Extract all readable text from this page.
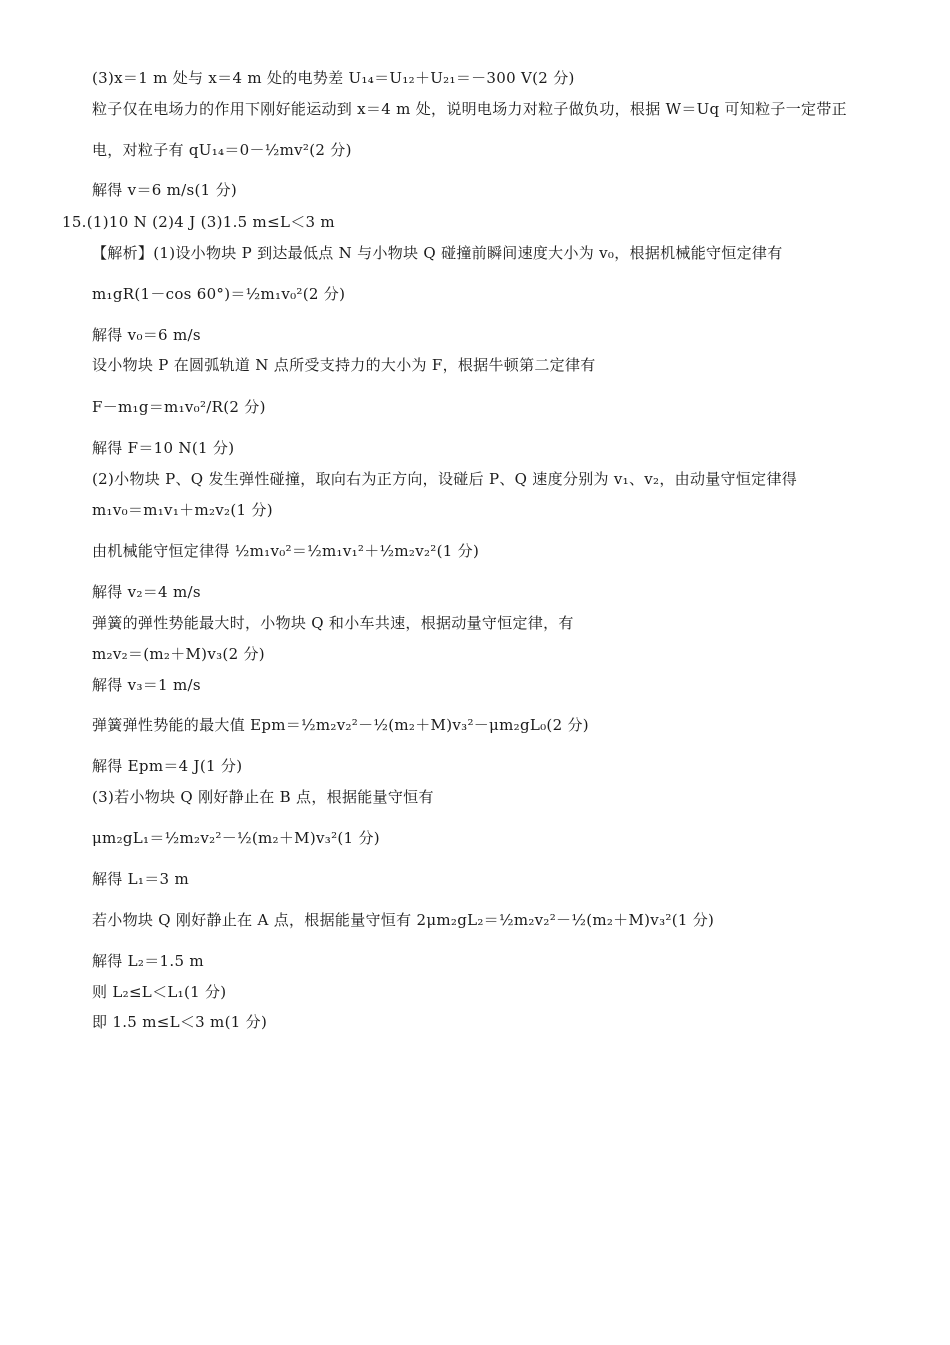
(3)x＝1 m 处与 x＝4 m 处的电势差 U₁₄＝U₁₂＋U₂₁＝－300 V(2 分)
粒子仅在电场力的作用下刚好能运动到 x＝4 m 处，说明电场力对粒子做负功，根据 W＝Uq 可知粒子一定带正
电，对粒子有 qU₁₄＝0－½mv²(2 分)
解得 v＝6 m/s(1 分)
15.(1)10 N (2)4 J (3)1.5 m≤L＜3 m
【解析】(1)设小物块 P 到达最低点 N 与小物块 Q 碰撞前瞬间速度大小为 v₀，根据机械能守恒定律有
m₁gR(1－cos 60°)＝½m₁v₀²(2 分)
解得 v₀＝6 m/s
设小物块 P 在圆弧轨道 N 点所受支持力的大小为 F，根据牛顿第二定律有
F－m₁g＝m₁v₀²/R(2 分)
解得 F＝10 N(1 分)
(2)小物块 P、Q 发生弹性碰撞，取向右为正方向，设碰后 P、Q 速度分别为 v₁、v₂，由动量守恒定律得
m₁v₀＝m₁v₁＋m₂v₂(1 分)
由机械能守恒定律得 ½m₁v₀²＝½m₁v₁²＋½m₂v₂²(1 分)
解得 v₂＝4 m/s
弹簧的弹性势能最大时，小物块 Q 和小车共速，根据动量守恒定律，有
m₂v₂＝(m₂＋M)v₃(2 分)
解得 v₃＝1 m/s
弹簧弹性势能的最大值 Epm＝½m₂v₂²－½(m₂＋M)v₃²－μm₂gL₀(2 分)
解得 Epm＝4 J(1 分)
(3)若小物块 Q 刚好静止在 B 点，根据能量守恒有
μm₂gL₁＝½m₂v₂²－½(m₂＋M)v₃²(1 分)
解得 L₁＝3 m
若小物块 Q 刚好静止在 A 点，根据能量守恒有 2μm₂gL₂＝½m₂v₂²－½(m₂＋M)v₃²(1 分)
解得 L₂＝1.5 m
则 L₂≤L＜L₁(1 分)
即 1.5 m≤L＜3 m(1 分)
